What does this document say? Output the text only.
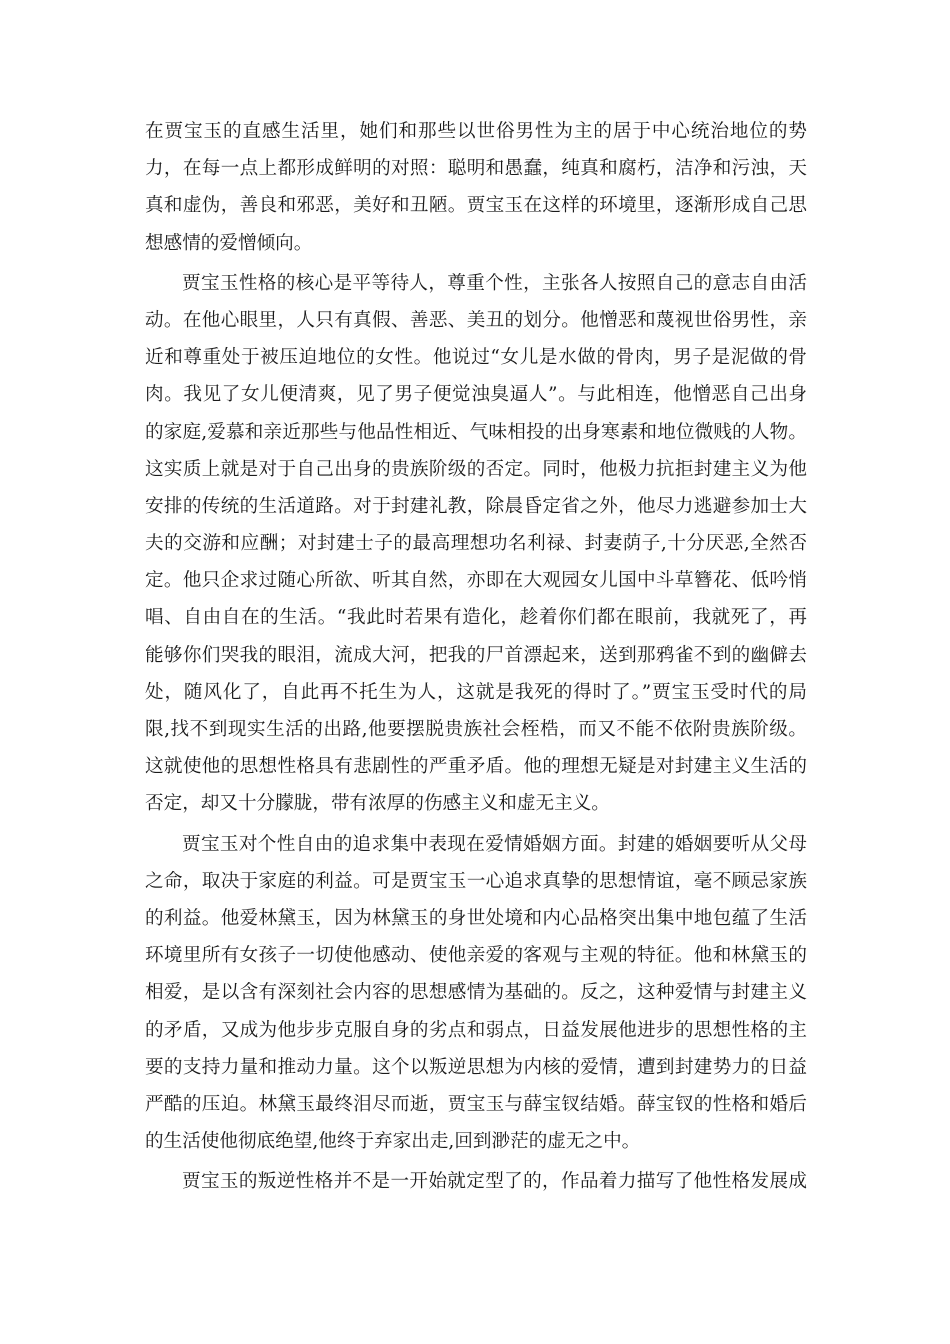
在贾宝玉的直感生活里，她们和那些以世俗男性为主的居于中心统治地位的势
力，在每一点上都形成鲜明的对照：聪明和愚蠢，纯真和腐朽，洁净和污浊，天
真和虚伪，善良和邪恶，美好和丑陋。贾宝玉在这样的环境里，逐渐形成自己思
想感情的爱憎倾向。
贾宝玉性格的核心是平等待人，尊重个性，主张各人按照自己的意志自由活
动。在他心眼里，人只有真假、善恶、美丑的划分。他憎恶和蔑视世俗男性，亲
近和尊重处于被压迫地位的女性。他说过“女儿是水做的骨肉，男子是泥做的骨
肉。我见了女儿便清爽，见了男子便觉浊臭逼人”。与此相连，他憎恶自己出身
的家庭,爱慕和亲近那些与他品性相近、气味相投的出身寒素和地位微贱的人物。
这实质上就是对于自己出身的贵族阶级的否定。同时，他极力抗拒封建主义为他
安排的传统的生活道路。对于封建礼教，除晨昏定省之外，他尽力逃避参加士大
夫的交游和应酬；对封建士子的最高理想功名利禄、封妻荫子,十分厌恶,全然否
定。他只企求过随心所欲、听其自然，亦即在大观园女儿国中斗草簪花、低吟悄
唱、自由自在的生活。“我此时若果有造化，趁着你们都在眼前，我就死了，再
能够你们哭我的眼泪，流成大河，把我的尸首漂起来，送到那鸦雀不到的幽僻去
处，随风化了，自此再不托生为人，这就是我死的得时了。”贾宝玉受时代的局
限,找不到现实生活的出路,他要摆脱贵族社会桎梏，而又不能不依附贵族阶级。
这就使他的思想性格具有悲剧性的严重矛盾。他的理想无疑是对封建主义生活的
否定，却又十分朦胧，带有浓厚的伤感主义和虚无主义。
贾宝玉对个性自由的追求集中表现在爱情婚姻方面。封建的婚姻要听从父母
之命，取决于家庭的利益。可是贾宝玉一心追求真挚的思想情谊，毫不顾忌家族
的利益。他爱林黛玉，因为林黛玉的身世处境和内心品格突出集中地包蕴了生活
环境里所有女孩子一切使他感动、使他亲爱的客观与主观的特征。他和林黛玉的
相爱，是以含有深刻社会内容的思想感情为基础的。反之，这种爱情与封建主义
的矛盾，又成为他步步克服自身的劣点和弱点，日益发展他进步的思想性格的主
要的支持力量和推动力量。这个以叛逆思想为内核的爱情，遭到封建势力的日益
严酷的压迫。林黛玉最终泪尽而逝，贾宝玉与薛宝钗结婚。薛宝钗的性格和婚后
的生活使他彻底绝望,他终于弃家出走,回到渺茫的虚无之中。
贾宝玉的叛逆性格并不是一开始就定型了的，作品着力描写了他性格发展成
